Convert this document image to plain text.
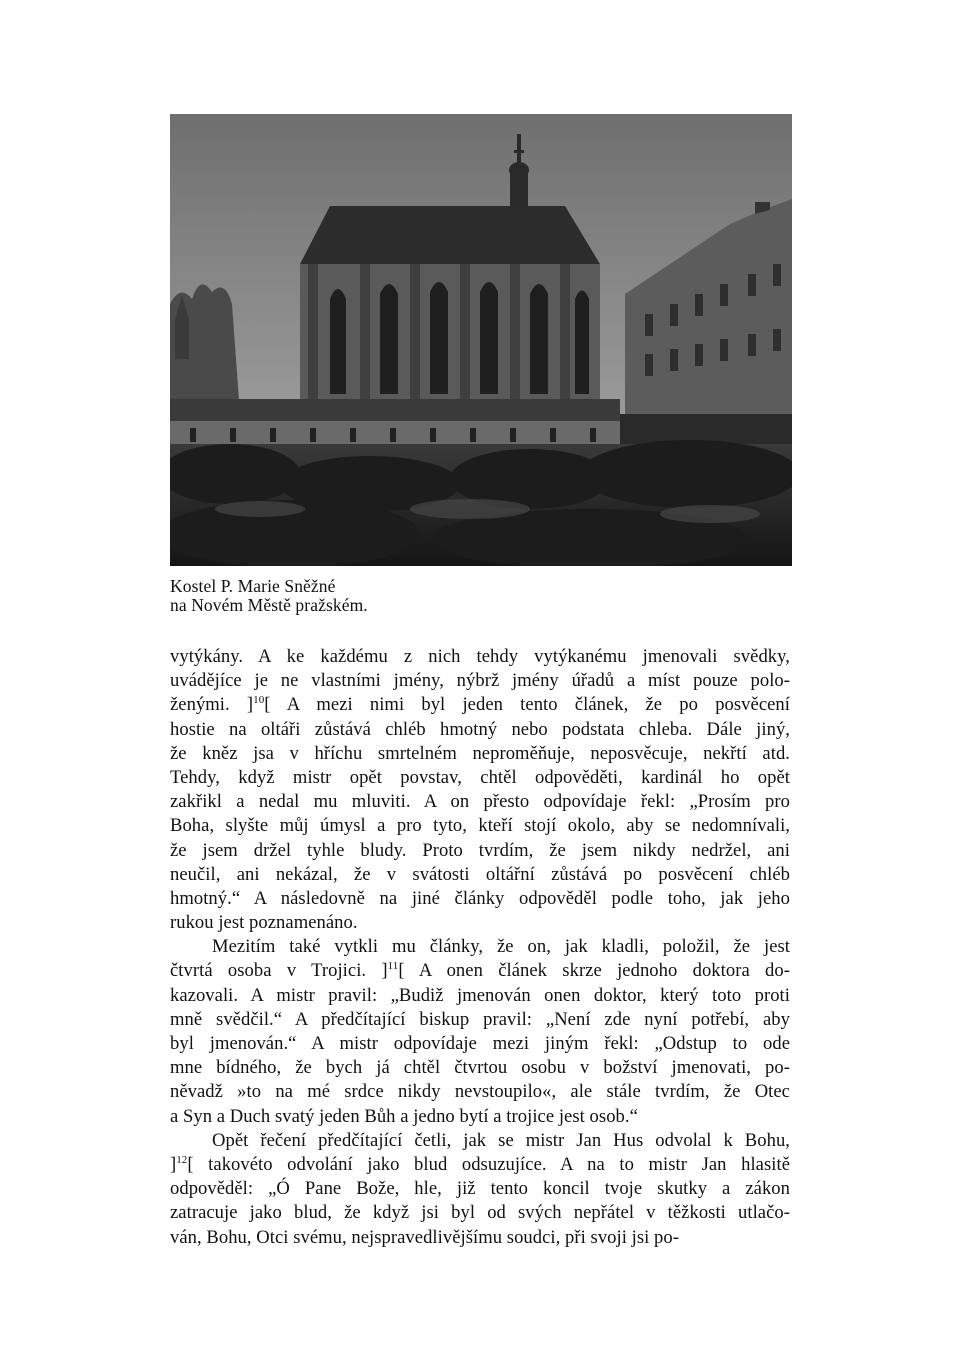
Kostel P. Marie Sněžné
na Novém Městě pražském.
vytýkány. A ke každému z nich tehdy vytýkanému jmenovali svědky,
uvádějíce je ne vlastními jmény, nýbrž jmény úřadů a míst pouze polo-
ženými. ]$^{10}$[ A mezi nimi byl jeden tento článek, že po posvěcení
hostie na oltáři zůstává chléb hmotný nebo podstata chleba. Dále jiný,
že kněz jsa v hříchu smrtelném neproměňuje, neposvěcuje, nekřtí atd.
Tehdy, když mistr opět povstav, chtěl odpověděti, kardinál ho opět
zakřikl a nedal mu mluviti. A on přesto odpovídaje řekl: „Prosím pro
Boha, slyšte můj úmysl a pro tyto, kteří stojí okolo, aby se nedomnívali,
že jsem držel tyhle bludy. Proto tvrdím, že jsem nikdy nedržel, ani
neučil, ani nekázal, že v svátosti oltářní zůstává po posvěcení chléb
hmotný.“ A následovně na jiné články odpověděl podle toho, jak jeho
rukou jest poznamenáno.
Mezitím také vytkli mu články, že on, jak kladli, položil, že jest
čtvrtá osoba v Trojici. ]$^{11}$[ A onen článek skrze jednoho doktora do-
kazovali. A mistr pravil: „Budiž jmenován onen doktor, který toto proti
mně svědčil.“ A předčítající biskup pravil: „Není zde nyní potřebí, aby
byl jmenován.“ A mistr odpovídaje mezi jiným řekl: „Odstup to ode
mne bídného, že bych já chtěl čtvrtou osobu v božství jmenovati, po-
něvadž »to na mé srdce nikdy nevstoupilo«, ale stále tvrdím, že Otec
a Syn a Duch svatý jeden Bůh a jedno bytí a trojice jest osob.“
Opět řečení předčítající četli, jak se mistr Jan Hus odvolal k Bohu,
]$^{12}$[ takovéto odvolání jako blud odsuzujíce. A na to mistr Jan hlasitě
odpověděl: „Ó Pane Bože, hle, již tento koncil tvoje skutky a zákon
zatracuje jako blud, že když jsi byl od svých nepřátel v těžkosti utlačo-
ván, Bohu, Otci svému, nejspravedlivějšímu soudci, při svoji jsi po-
